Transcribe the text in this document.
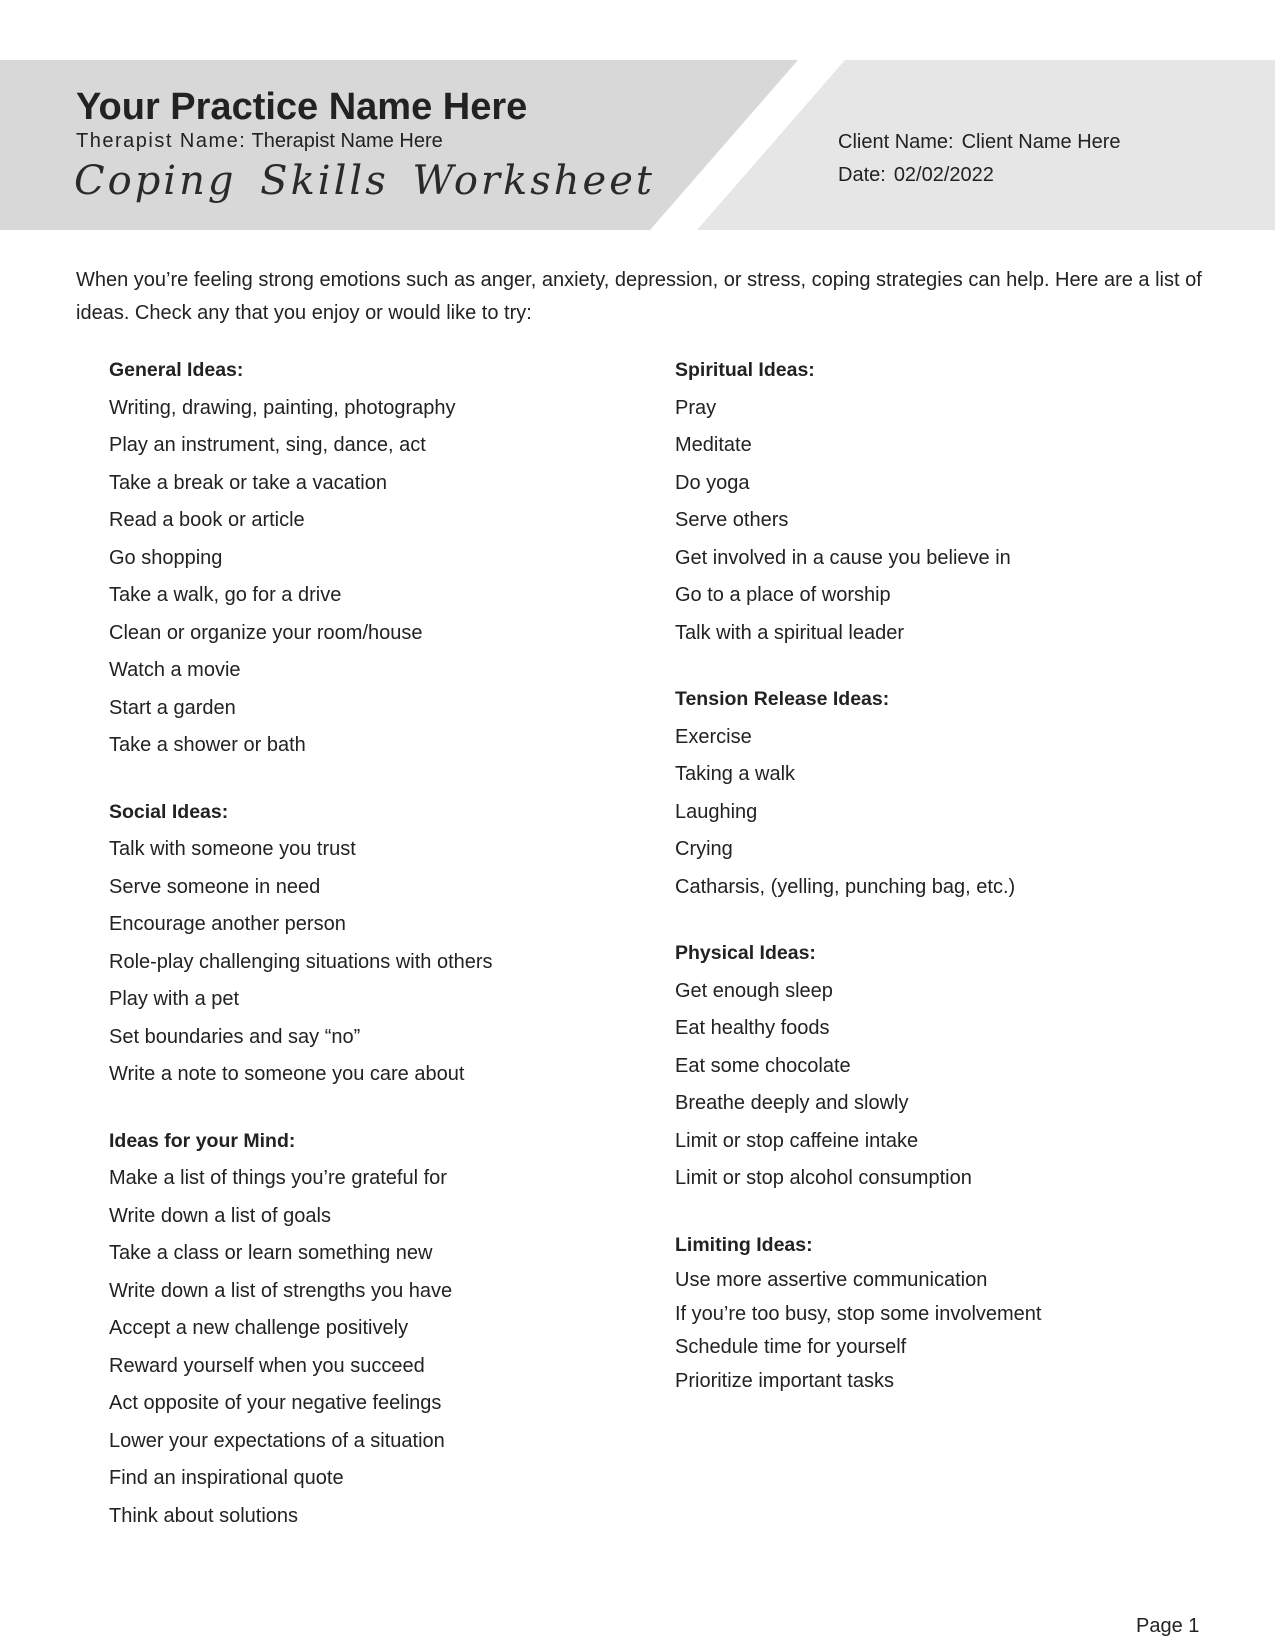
Your Practice Name Here
Therapist Name: Therapist Name Here
Coping Skills Worksheet
Client Name: Client Name Here
Date: 02/02/2022
When you’re feeling strong emotions such as anger, anxiety, depression, or stress, coping strategies can help. Here are a list of ideas. Check any that you enjoy or would like to try:
General Ideas:
Writing, drawing, painting, photography
Play an instrument, sing, dance, act
Take a break or take a vacation
Read a book or article
Go shopping
Take a walk, go for a drive
Clean or organize your room/house
Watch a movie
Start a garden
Take a shower or bath
Social Ideas:
Talk with someone you trust
Serve someone in need
Encourage another person
Role-play challenging situations with others
Play with a pet
Set boundaries and say “no”
Write a note to someone you care about
Ideas for your Mind:
Make a list of things you’re grateful for
Write down a list of goals
Take a class or learn something new
Write down a list of strengths you have
Accept a new challenge positively
Reward yourself when you succeed
Act opposite of your negative feelings
Lower your expectations of a situation
Find an inspirational quote
Think about solutions
Spiritual Ideas:
Pray
Meditate
Do yoga
Serve others
Get involved in a cause you believe in
Go to a place of worship
Talk with a spiritual leader
Tension Release Ideas:
Exercise
Taking a walk
Laughing
Crying
Catharsis, (yelling, punching bag, etc.)
Physical Ideas:
Get enough sleep
Eat healthy foods
Eat some chocolate
Breathe deeply and slowly
Limit or stop caffeine intake
Limit or stop alcohol consumption
Limiting Ideas:
Use more assertive communication
If you’re too busy, stop some involvement
Schedule time for yourself
Prioritize important tasks
Page 1
